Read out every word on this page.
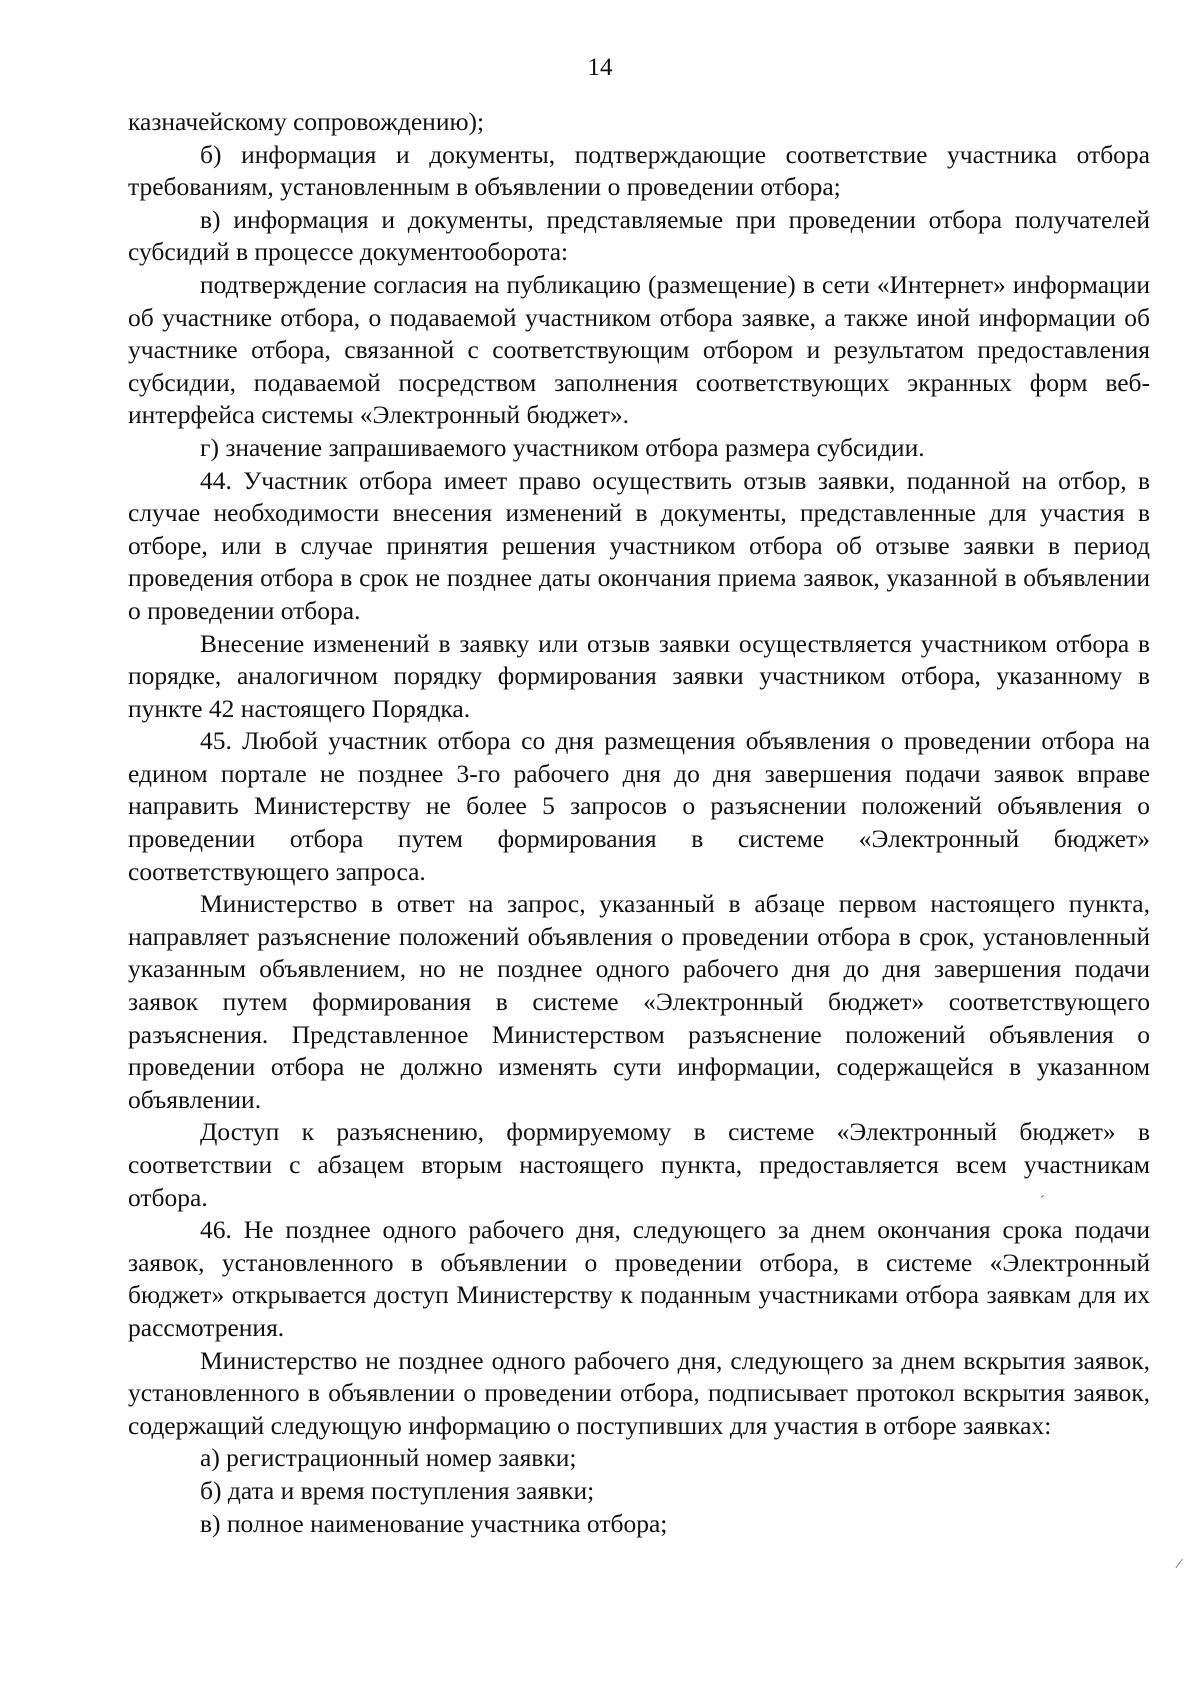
14

казначейскому сопровождению);

б) информация и документы, подтверждающие соответствие участника отбора требованиям, установленным в объявлении о проведении отбора;

в) информация и документы, представляемые при проведении отбора получателей субсидий в процессе документооборота:

подтверждение согласия на публикацию (размещение) в сети «Интернет» информации об участнике отбора, о подаваемой участником отбора заявке, а также иной информации об участнике отбора, связанной с соответствующим отбором и результатом предоставления субсидии, подаваемой посредством заполнения соответствующих экранных форм веб-интерфейса системы «Электронный бюджет».

г) значение запрашиваемого участником отбора размера субсидии.

44. Участник отбора имеет право осуществить отзыв заявки, поданной на отбор, в случае необходимости внесения изменений в документы, представленные для участия в отборе, или в случае принятия решения участником отбора об отзыве заявки в период проведения отбора в срок не позднее даты окончания приема заявок, указанной в объявлении о проведении отбора.

Внесение изменений в заявку или отзыв заявки осуществляется участником отбора в порядке, аналогичном порядку формирования заявки участником отбора, указанному в пункте 42 настоящего Порядка.

45. Любой участник отбора со дня размещения объявления о проведении отбора на едином портале не позднее 3-го рабочего дня до дня завершения подачи заявок вправе направить Министерству не более 5 запросов о разъяснении положений объявления о проведении отбора путем формирования в системе «Электронный бюджет» соответствующего запроса.

Министерство в ответ на запрос, указанный в абзаце первом настоящего пункта, направляет разъяснение положений объявления о проведении отбора в срок, установленный указанным объявлением, но не позднее одного рабочего дня до дня завершения подачи заявок путем формирования в системе «Электронный бюджет» соответствующего разъяснения. Представленное Министерством разъяснение положений объявления о проведении отбора не должно изменять сути информации, содержащейся в указанном объявлении.

Доступ к разъяснению, формируемому в системе «Электронный бюджет» в соответствии с абзацем вторым настоящего пункта, предоставляется всем участникам отбора.

46. Не позднее одного рабочего дня, следующего за днем окончания срока подачи заявок, установленного в объявлении о проведении отбора, в системе «Электронный бюджет» открывается доступ Министерству к поданным участниками отбора заявкам для их рассмотрения.

Министерство не позднее одного рабочего дня, следующего за днем вскрытия заявок, установленного в объявлении о проведении отбора, подписывает протокол вскрытия заявок, содержащий следующую информацию о поступивших для участия в отборе заявках:

а) регистрационный номер заявки;

б) дата и время поступления заявки;

в) полное наименование участника отбора;

⁄
´
